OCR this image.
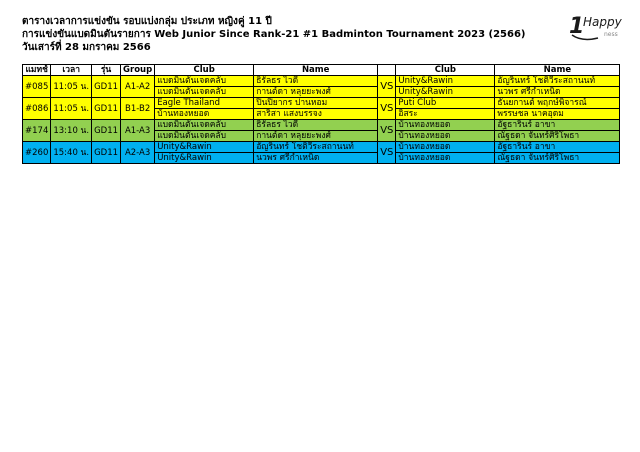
ตารางเวลาการแข่งขัน รอบแบ่งกลุ่ม ประเภท หญิงคู่ 11 ปี
การแข่งขันแบดมินตันรายการ Web Junior Since Rank-21 #1 Badminton Tournament 2023 (2566)
วันเสาร์ที่ 28 มกราคม 2566
1
Happy
ness
แมทช์	เวลา	รุ่น	Group	Club	Name		Club	Name
#085	11:05 น.	GD11	A1-A2	แบดมินตันเจดคลับ	ธิรัลธร ไวดี	VS	Unity&Rawin	อัญรินทร์ โชติวีระสถานนท์
				แบดมินตันเจดคลับ	กานต์ดา หลุยยะพงศ์		Unity&Rawin	นวพร ศรีกำเหนิด
#086	11:05 น.	GD11	B1-B2	Eagle Thailand	ปิ่นปิยากร ปานหอม	VS	Puti Club	ธันยกานต์ พฤกษ์พิจารณ์
				บ้านทองหยอด	สาริสา แสงบรรจง		อิสระ	พรรษชล นาคอุดม
#174	13:10 น.	GD11	A1-A3	แบดมินตันเจดคลับ	ธิรัลธร ไวดี	VS	บ้านทองหยอด	อัฐธารินร์ อาขา
				แบดมินตันเจดคลับ	กานต์ดา หลุยยะพงศ์		บ้านทองหยอด	ณัฐธดา จันทร์ศิริโพธา
#260	15:40 น.	GD11	A2-A3	Unity&Rawin	อัญรินทร์ โชติวีระสถานนท์	VS	บ้านทองหยอด	อัฐธารินร์ อาขา
				Unity&Rawin	นวพร ศรีกำเหนิด		บ้านทองหยอด	ณัฐธดา จันทร์ศิริโพธา
